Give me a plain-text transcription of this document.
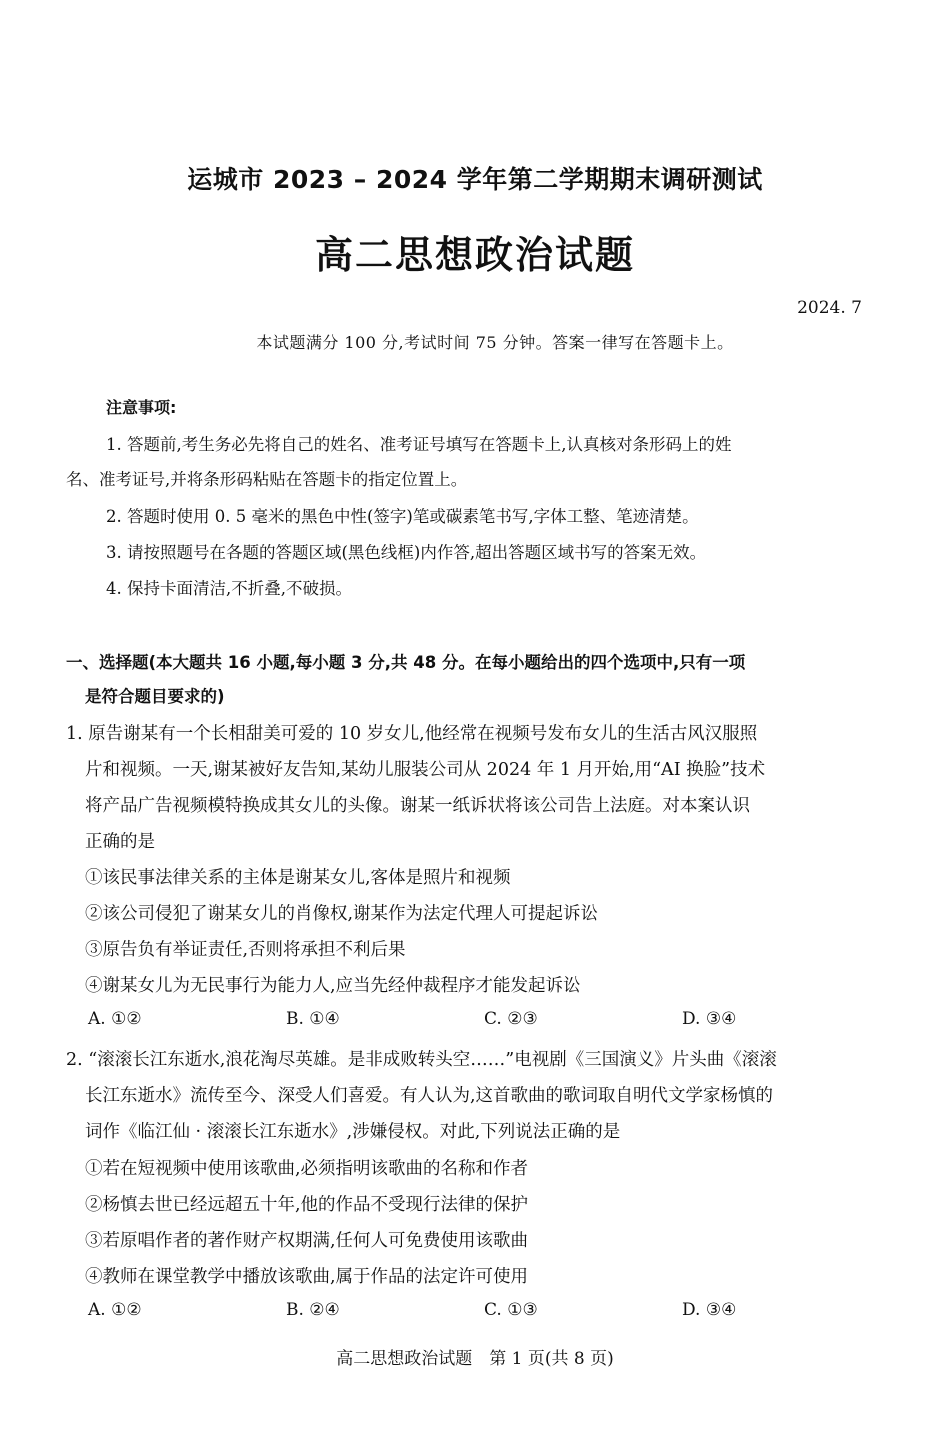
运城市 2023 – 2024 学年第二学期期末调研测试
高二思想政治试题
2024. 7
本试题满分 100 分,考试时间 75 分钟。答案一律写在答题卡上。
注意事项:
1. 答题前,考生务必先将自己的姓名、准考证号填写在答题卡上,认真核对条形码上的姓
名、准考证号,并将条形码粘贴在答题卡的指定位置上。
2. 答题时使用 0. 5 毫米的黑色中性(签字)笔或碳素笔书写,字体工整、笔迹清楚。
3. 请按照题号在各题的答题区域(黑色线框)内作答,超出答题区域书写的答案无效。
4. 保持卡面清洁,不折叠,不破损。
一、选择题(本大题共 16 小题,每小题 3 分,共 48 分。在每小题给出的四个选项中,只有一项
是符合题目要求的)
1. 原告谢某有一个长相甜美可爱的 10 岁女儿,他经常在视频号发布女儿的生活古风汉服照
片和视频。一天,谢某被好友告知,某幼儿服装公司从 2024 年 1 月开始,用“AI 换脸”技术
将产品广告视频模特换成其女儿的头像。谢某一纸诉状将该公司告上法庭。对本案认识
正确的是
①该民事法律关系的主体是谢某女儿,客体是照片和视频
②该公司侵犯了谢某女儿的肖像权,谢某作为法定代理人可提起诉讼
③原告负有举证责任,否则将承担不利后果
④谢某女儿为无民事行为能力人,应当先经仲裁程序才能发起诉讼
A. ①②	B. ①④	C. ②③	D. ③④
2. “滚滚长江东逝水,浪花淘尽英雄。是非成败转头空……”电视剧《三国演义》片头曲《滚滚
长江东逝水》流传至今、深受人们喜爱。有人认为,这首歌曲的歌词取自明代文学家杨慎的
词作《临江仙 · 滚滚长江东逝水》,涉嫌侵权。对此,下列说法正确的是
①若在短视频中使用该歌曲,必须指明该歌曲的名称和作者
②杨慎去世已经远超五十年,他的作品不受现行法律的保护
③若原唱作者的著作财产权期满,任何人可免费使用该歌曲
④教师在课堂教学中播放该歌曲,属于作品的法定许可使用
A. ①②	B. ②④	C. ①③	D. ③④
高二思想政治试题　第 1 页(共 8 页)
